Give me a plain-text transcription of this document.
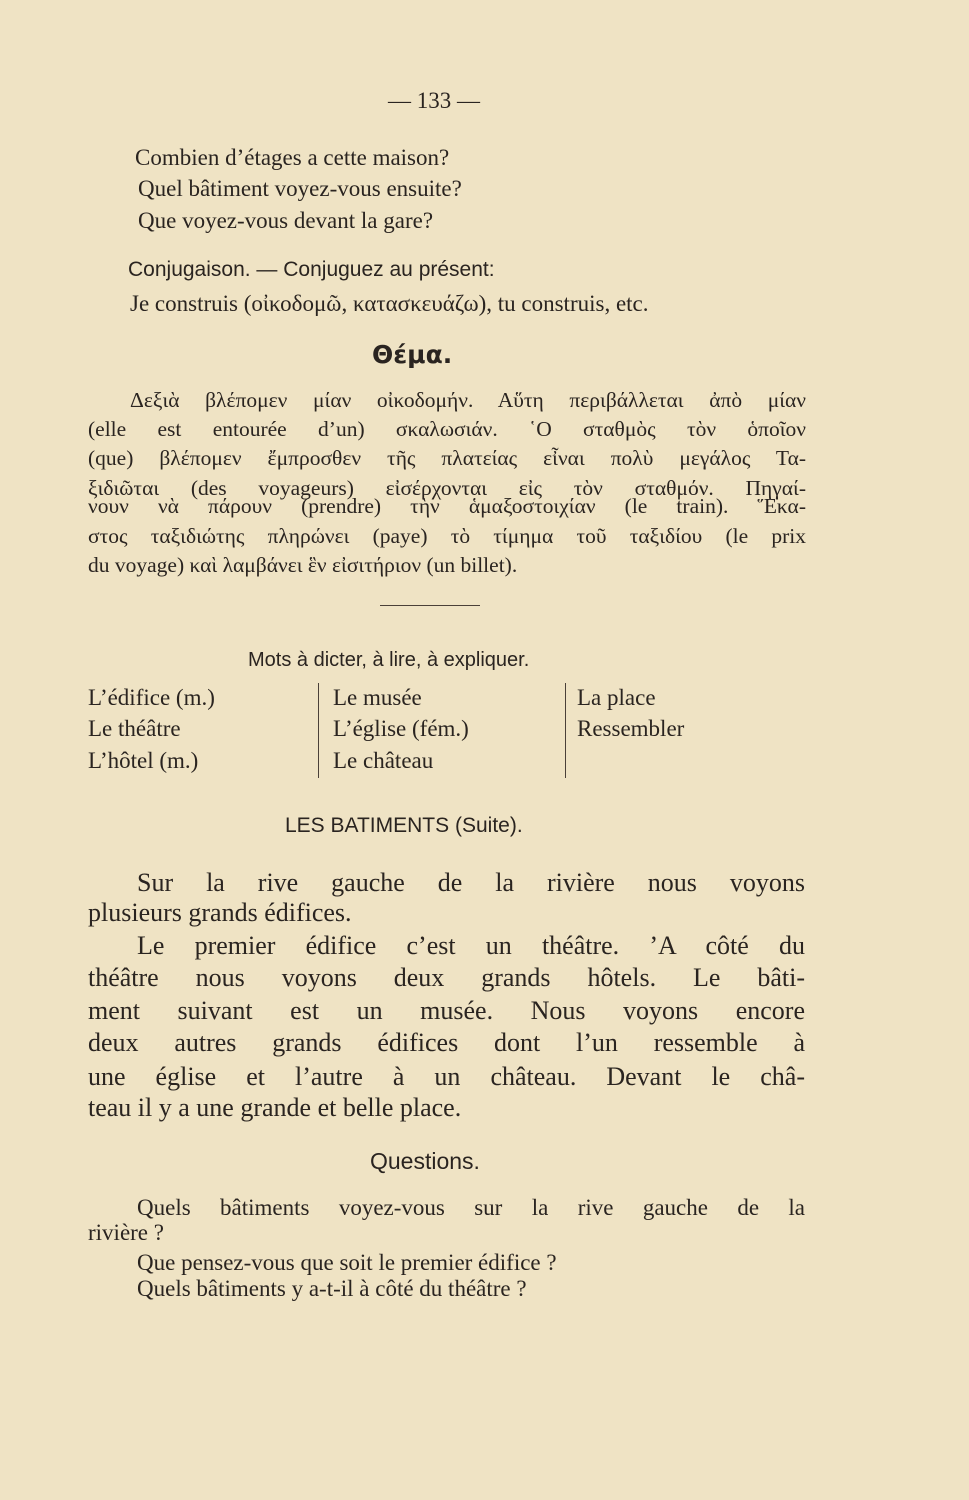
— 133 —
Combien d’étages a cette maison?
Quel bâtiment voyez-vous ensuite?
Que voyez-vous devant la gare?
Conjugaison. — Conjuguez au présent:
Je construis (οἰκοδομῶ, κατασκευάζω), tu construis, etc.
Θέμα.
Δεξιὰ βλέπομεν μίαν οἰκοδομήν. Αὕτη περιβάλλεται ἀπὸ μίαν
(elle est entourée d’un) σκαλωσιάν. ῾Ο σταθμὸς τὸν ὁποῖον
(que) βλέπομεν ἔμπροσθεν τῆς πλατείας εἶναι πολὺ μεγάλος Τα-
ξιδιῶται (des voyageurs) εἰσέρχονται εἰς τὸν σταθμόν. Πηγαί-
νουν νὰ πάρουν (prendre) τὴν ἁμαξοστοιχίαν (le train). Ἕκα-
στος ταξιδιώτης πληρώνει (paye) τὸ τίμημα τοῦ ταξιδίου (le prix
du voyage) καὶ λαμβάνει ἓν εἰσιτήριον (un billet).
Mots à dicter, à lire, à expliquer.
L’édifice (m.)
Le théâtre
L’hôtel (m.)
Le musée
L’église (fém.)
Le château
La place
Ressembler
LES BATIMENTS (Suite).
Sur la rive gauche de la rivière nous voyons
plusieurs grands édifices.
Le premier édifice c’est un théâtre. ’A côté du
théâtre nous voyons deux grands hôtels. Le bâti-
ment suivant est un musée. Nous voyons encore
deux autres grands édifices dont l’un ressemble à
une église et l’autre à un château. Devant le châ-
teau il y a une grande et belle place.
Questions.
Quels bâtiments voyez-vous sur la rive gauche de la
rivière ?
Que pensez-vous que soit le premier édifice ?
Quels bâtiments y a-t-il à côté du théâtre ?
